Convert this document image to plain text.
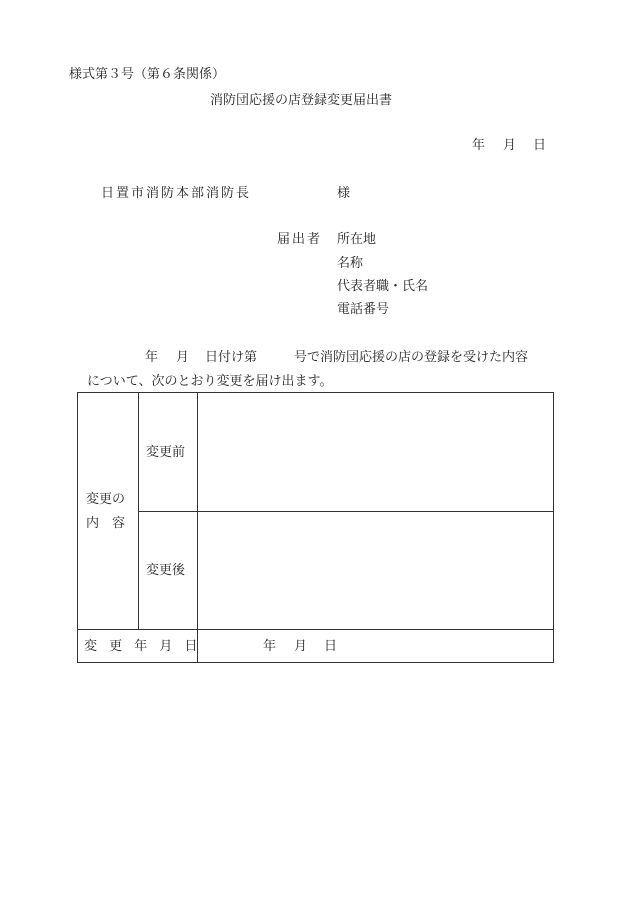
様式第３号（第６条関係）
消防団応援の店登録変更届出書
年 月 日
日置市消防本部消防長	様
届出者 所在地
名称
代表者職・氏名
電話番号
年 月 日付け第	号で消防団応援の店の登録を受けた内容
について、次のとおり変更を届け出ます。
変更の
内　容
変更前
変更後
変 更 年 月 日	年 月 日
